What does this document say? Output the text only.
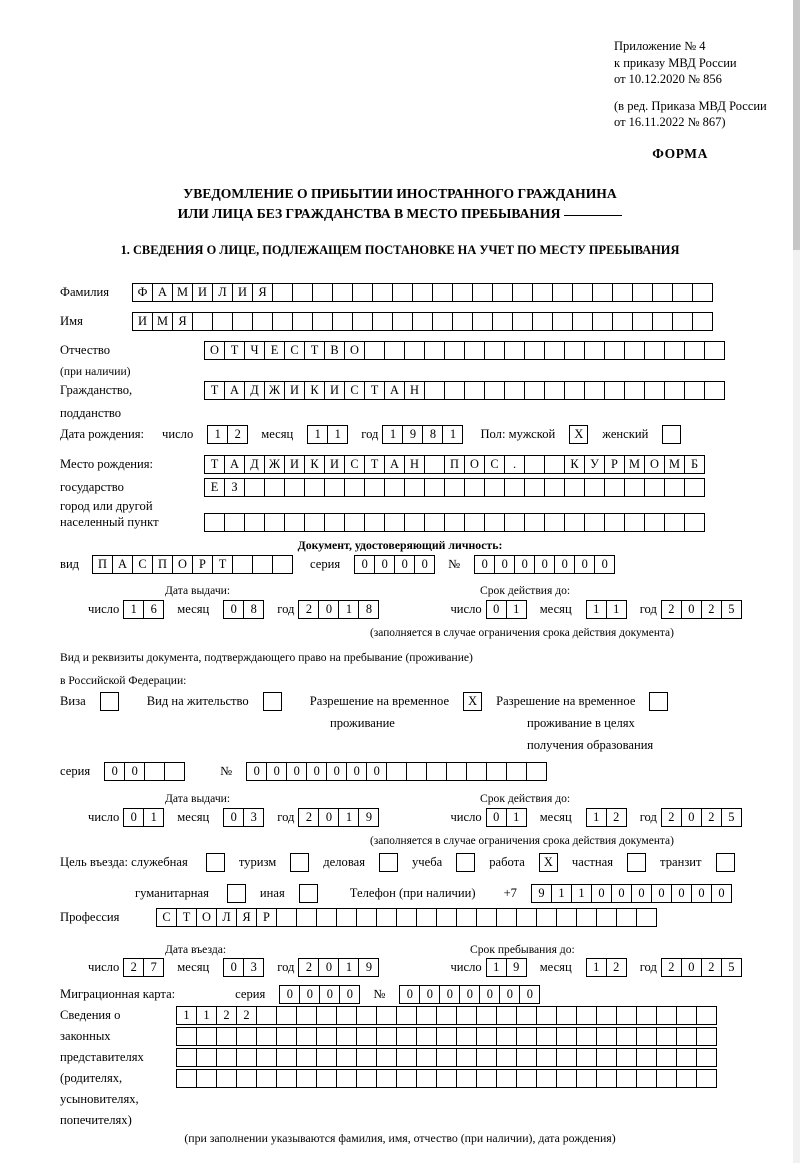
Приложение № 4
к приказу МВД России
от 10.12.2020 № 856
(в ред. Приказа МВД России
от 16.11.2022 № 867)
ФОРМА
УВЕДОМЛЕНИЕ О ПРИБЫТИИ ИНОСТРАННОГО ГРАЖДАНИНА
ИЛИ ЛИЦА БЕЗ ГРАЖДАНСТВА В МЕСТО ПРЕБЫВАНИЯ
1. СВЕДЕНИЯ О ЛИЦЕ, ПОДЛЕЖАЩЕМ ПОСТАНОВКЕ НА УЧЕТ ПО МЕСТУ ПРЕБЫВАНИЯ
Фамилия Ф А М И Л И Я
Имя	И М Я
Отчество	О Т Ч Е С Т В О
(при наличии)
Гражданство,	Т А Д Ж И К И С Т А Н
подданство
Дата рождения: число 1 2 месяц 1 1 год 1 9 8 1 Пол: мужской Х женский
Место рождения:	Т А Д Ж И К И С Т А Н	П О С .	К У Р М О М Б
государство	Е З
город или другой
населенный пункт
Документ, удостоверяющий личность:
вид П А С П О Р Т	серия 0 0 0 0 № 0 0 0 0 0 0 0
Дата выдачи:	Срок действия до:
число 1 6 месяц 0 8 год 2 0 1 8	число 0 1 месяц 1 1 год 2 0 2 5
(заполняется в случае ограничения срока действия документа)
Вид и реквизиты документа, подтверждающего право на пребывание (проживание)
в Российской Федерации:
Виза	Вид на жительство	Разрешение на временное Х Разрешение на временное
проживание	проживание в целях
получения образования
серия 0 0	№ 0 0 0 0 0 0 0
Дата выдачи:	Срок действия до:
число 0 1 месяц 0 3 год 2 0 1 9	число 0 1 месяц 1 2 год 2 0 2 5
(заполняется в случае ограничения срока действия документа)
Цель въезда: служебная	туризм	деловая	учеба	работа Х частная	транзит
гуманитарная	иная	Телефон (при наличии) +7 9 1 1 0 0 0 0 0 0 0
Профессия	С Т О Л Я Р
Дата въезда:	Срок пребывания до:
число 2 7 месяц 0 3 год 2 0 1 9	число 1 9 месяц 1 2 год 2 0 2 5
Миграционная карта:	серия 0 0 0 0 № 0 0 0 0 0 0 0
Сведения о
законных
представителях
(родителях,
усыновителях,
попечителях)
1 1 2 2
(при заполнении указываются фамилия, имя, отчество (при наличии), дата рождения)
